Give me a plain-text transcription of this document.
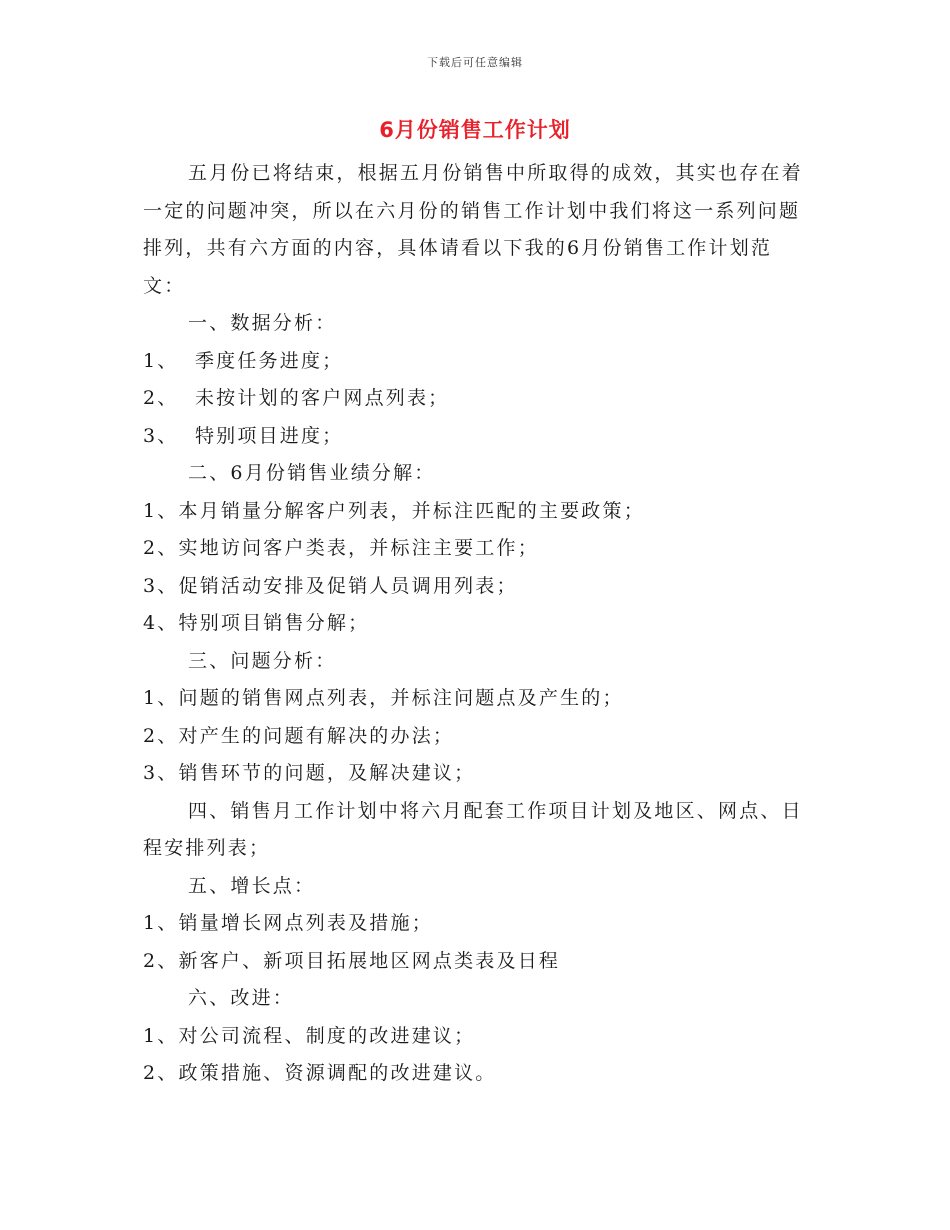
下载后可任意编辑
6月份销售工作计划

五月份已将结束，根据五月份销售中所取得的成效，其实也存在着一定的问题冲突，所以在六月份的销售工作计划中我们将这一系列问题排列，共有六方面的内容，具体请看以下我的6月份销售工作计划范文：

一、数据分析：

1、  季度任务进度；

2、  未按计划的客户网点列表；

3、  特别项目进度；

二、6月份销售业绩分解：

1、本月销量分解客户列表，并标注匹配的主要政策；

2、实地访问客户类表，并标注主要工作；

3、促销活动安排及促销人员调用列表；

4、特别项目销售分解；

三、问题分析：

1、问题的销售网点列表，并标注问题点及产生的；

2、对产生的问题有解决的办法；

3、销售环节的问题，及解决建议；

四、销售月工作计划中将六月配套工作项目计划及地区、网点、日程安排列表；

五、增长点：

1、销量增长网点列表及措施；

2、新客户、新项目拓展地区网点类表及日程

六、改进：

1、对公司流程、制度的改进建议；

2、政策措施、资源调配的改进建议。
